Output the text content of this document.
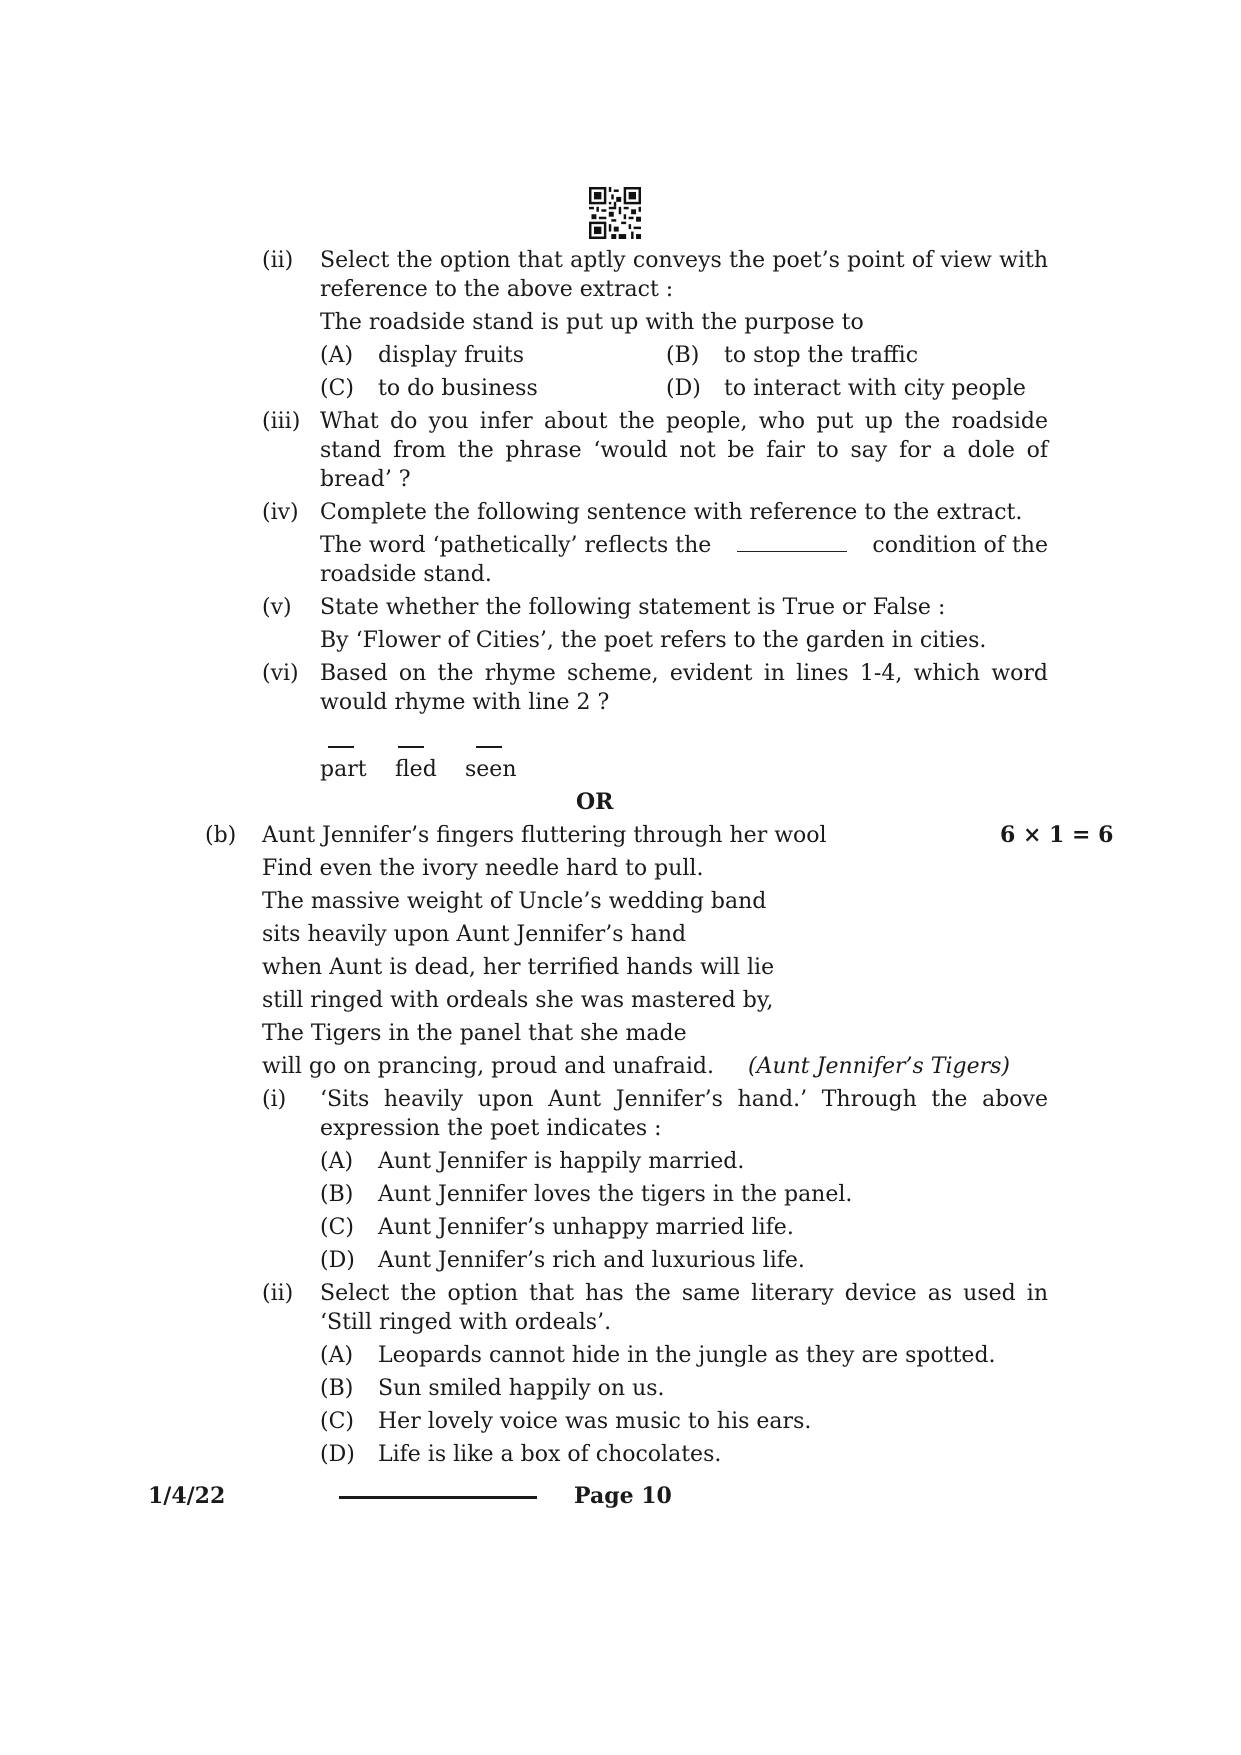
(ii) Select the option that aptly conveys the poet’s point of view with
reference to the above extract :
The roadside stand is put up with the purpose to
(A) display fruits	(B) to stop the traffic
(C) to do business	(D) to interact with city people
(iii) What do you infer about the people, who put up the roadside
stand from the phrase ‘would not be fair to say for a dole of
bread’ ?
(iv) Complete the following sentence with reference to the extract.
The word ‘pathetically’ reflects the	condition of the
roadside stand.
(v) State whether the following statement is True or False :
By ‘Flower of Cities’, the poet refers to the garden in cities.
(vi) Based on the rhyme scheme, evident in lines 1-4, which word
would rhyme with line 2 ?
part fled seen
OR
(b) Aunt Jennifer’s fingers fluttering through her wool	6 × 1 = 6
Find even the ivory needle hard to pull.
The massive weight of Uncle’s wedding band
sits heavily upon Aunt Jennifer’s hand
when Aunt is dead, her terrified hands will lie
still ringed with ordeals she was mastered by,
The Tigers in the panel that she made
will go on prancing, proud and unafraid. (Aunt Jennifer’s Tigers)
(i) ‘Sits heavily upon Aunt Jennifer’s hand.’ Through the above
expression the poet indicates :
(A) Aunt Jennifer is happily married.
(B) Aunt Jennifer loves the tigers in the panel.
(C) Aunt Jennifer’s unhappy married life.
(D) Aunt Jennifer’s rich and luxurious life.
(ii) Select the option that has the same literary device as used in
‘Still ringed with ordeals’.
(A) Leopards cannot hide in the jungle as they are spotted.
(B) Sun smiled happily on us.
(C) Her lovely voice was music to his ears.
(D) Life is like a box of chocolates.
1/4/22	Page 10
